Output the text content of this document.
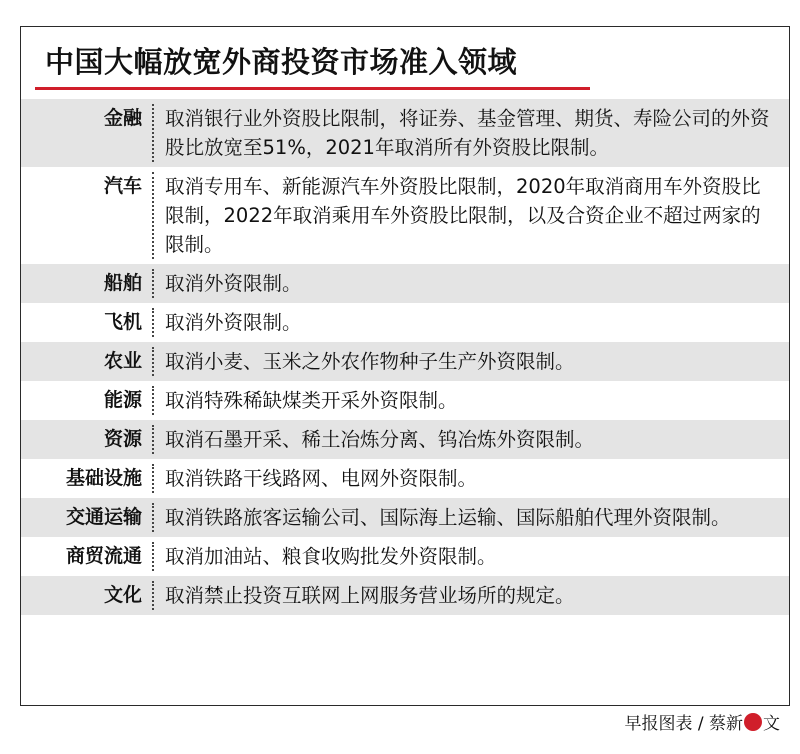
中国大幅放宽外商投资市场准入领域
金融 取消银行业外资股比限制，将证券、基金管理、期货、寿险公司的外资股比放宽至51%，2021年取消所有外资股比限制。
汽车 取消专用车、新能源汽车外资股比限制，2020年取消商用车外资股比限制，2022年取消乘用车外资股比限制，以及合资企业不超过两家的限制。
船舶 取消外资限制。
飞机 取消外资限制。
农业 取消小麦、玉米之外农作物种子生产外资限制。
能源 取消特殊稀缺煤类开采外资限制。
资源 取消石墨开采、稀土冶炼分离、钨冶炼外资限制。
基础设施 取消铁路干线路网、电网外资限制。
交通运输 取消铁路旅客运输公司、国际海上运输、国际船舶代理外资限制。
商贸流通 取消加油站、粮食收购批发外资限制。
文化 取消禁止投资互联网上网服务营业场所的规定。
早报图表 / 蔡新 文
